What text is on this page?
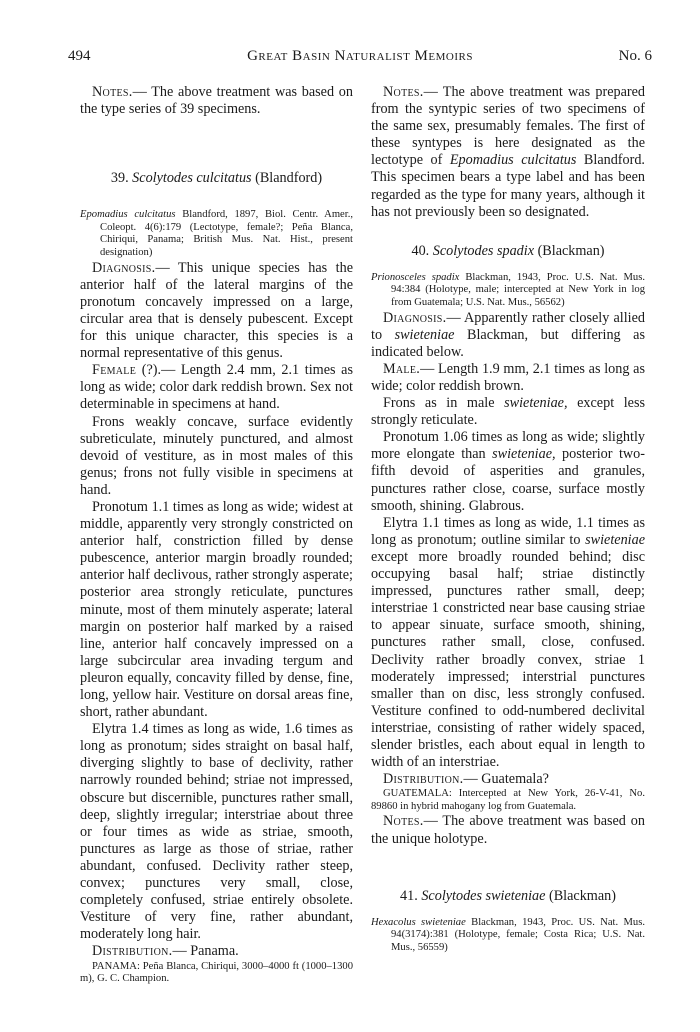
494	Great Basin Naturalist Memoirs	No. 6

Notes.— The above treatment was based on the type series of 39 specimens.

39. Scolytodes culcitatus (Blandford)

Epomadius culcitatus Blandford, 1897, Biol. Centr. Amer., Coleopt. 4(6):179 (Lectotype, female?; Peña Blanca, Chiriqui, Panama; British Mus. Nat. Hist., present designation)

Diagnosis.— This unique species has the anterior half of the lateral margins of the pronotum concavely impressed on a large, circular area that is densely pubescent. Except for this unique character, this species is a normal representative of this genus.

Female (?).— Length 2.4 mm, 2.1 times as long as wide; color dark reddish brown. Sex not determinable in specimens at hand.

Frons weakly concave, surface evidently subreticulate, minutely punctured, and almost devoid of vestiture, as in most males of this genus; frons not fully visible in specimens at hand.

Pronotum 1.1 times as long as wide; widest at middle, apparently very strongly constricted on anterior half, constriction filled by dense pubescence, anterior margin broadly rounded; anterior half declivous, rather strongly asperate; posterior area strongly reticulate, punctures minute, most of them minutely asperate; lateral margin on posterior half marked by a raised line, anterior half concavely impressed on a large subcircular area invading tergum and pleuron equally, concavity filled by dense, fine, long, yellow hair. Vestiture on dorsal areas fine, short, rather abundant.

Elytra 1.4 times as long as wide, 1.6 times as long as pronotum; sides straight on basal half, diverging slightly to base of declivity, rather narrowly rounded behind; striae not impressed, obscure but discernible, punctures rather small, deep, slightly irregular; interstriae about three or four times as wide as striae, smooth, punctures as large as those of striae, rather abundant, confused. Declivity rather steep, convex; punctures very small, close, completely confused, striae entirely obsolete. Vestiture of very fine, rather abundant, moderately long hair.

Distribution.— Panama.

PANAMA: Peña Blanca, Chiriqui, 3000–4000 ft (1000–1300 m), G. C. Champion.

Notes.— The above treatment was prepared from the syntypic series of two specimens of the same sex, presumably females. The first of these syntypes is here designated as the lectotype of Epomadius culcitatus Blandford. This specimen bears a type label and has been regarded as the type for many years, although it has not previously been so designated.

40. Scolytodes spadix (Blackman)

Prionosceles spadix Blackman, 1943, Proc. U.S. Nat. Mus. 94:384 (Holotype, male; intercepted at New York in log from Guatemala; U.S. Nat. Mus., 56562)

Diagnosis.— Apparently rather closely allied to swieteniae Blackman, but differing as indicated below.

Male.— Length 1.9 mm, 2.1 times as long as wide; color reddish brown.

Frons as in male swieteniae, except less strongly reticulate.

Pronotum 1.06 times as long as wide; slightly more elongate than swieteniae, posterior two-fifth devoid of asperities and granules, punctures rather close, coarse, surface mostly smooth, shining. Glabrous.

Elytra 1.1 times as long as wide, 1.1 times as long as pronotum; outline similar to swieteniae except more broadly rounded behind; disc occupying basal half; striae distinctly impressed, punctures rather small, deep; interstriae 1 constricted near base causing striae to appear sinuate, surface smooth, shining, punctures rather small, close, confused. Declivity rather broadly convex, striae 1 moderately impressed; interstrial punctures smaller than on disc, less strongly confused. Vestiture confined to odd-numbered declivital interstriae, consisting of rather widely spaced, slender bristles, each about equal in length to width of an interstriae.

Distribution.— Guatemala?

GUATEMALA: Intercepted at New York, 26-V-41, No. 89860 in hybrid mahogany log from Guatemala.

Notes.— The above treatment was based on the unique holotype.

41. Scolytodes swieteniae (Blackman)

Hexacolus swieteniae Blackman, 1943, Proc. US. Nat. Mus. 94(3174):381 (Holotype, female; Costa Rica; U.S. Nat. Mus., 56559)
